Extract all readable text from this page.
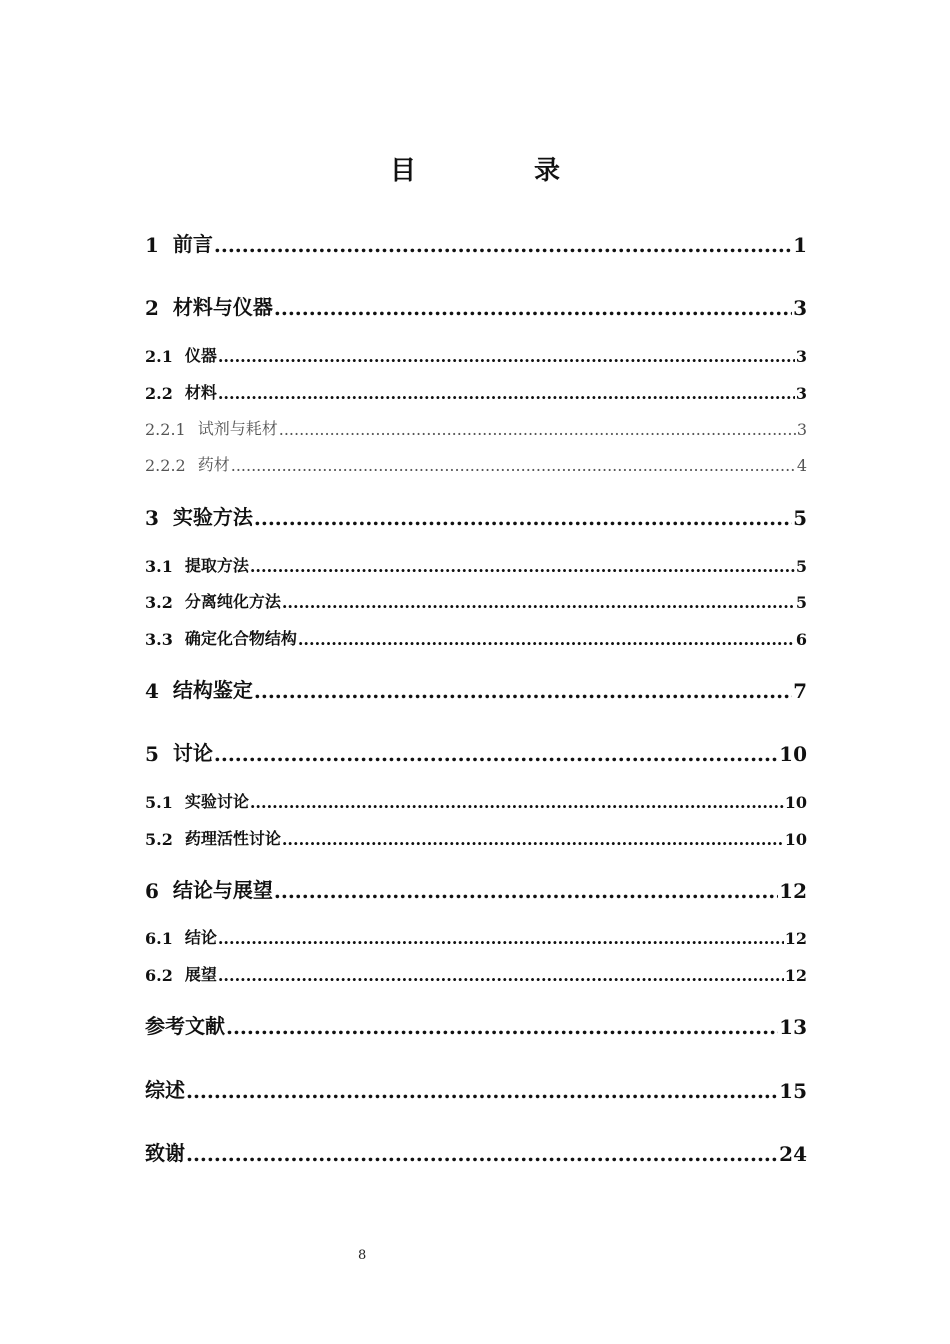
目　录
1 前言 .....	1
2 材料与仪器 .....	3
2.1 仪器 .....	3
2.2 材料 .....	3
2.2.1 试剂与耗材 .....	3
2.2.2 药材 .....	4
3 实验方法 .....	5
3.1 提取方法 .....	5
3.2 分离纯化方法 .....	5
3.3 确定化合物结构 .....	6
4 结构鉴定 .....	7
5 讨论 .....	10
5.1 实验讨论 .....	10
5.2 药理活性讨论 .....	10
6 结论与展望 .....	12
6.1 结论 .....	12
6.2 展望 .....	12
参考文献 .....	13
综述 .....	15
致谢 .....	24
8
